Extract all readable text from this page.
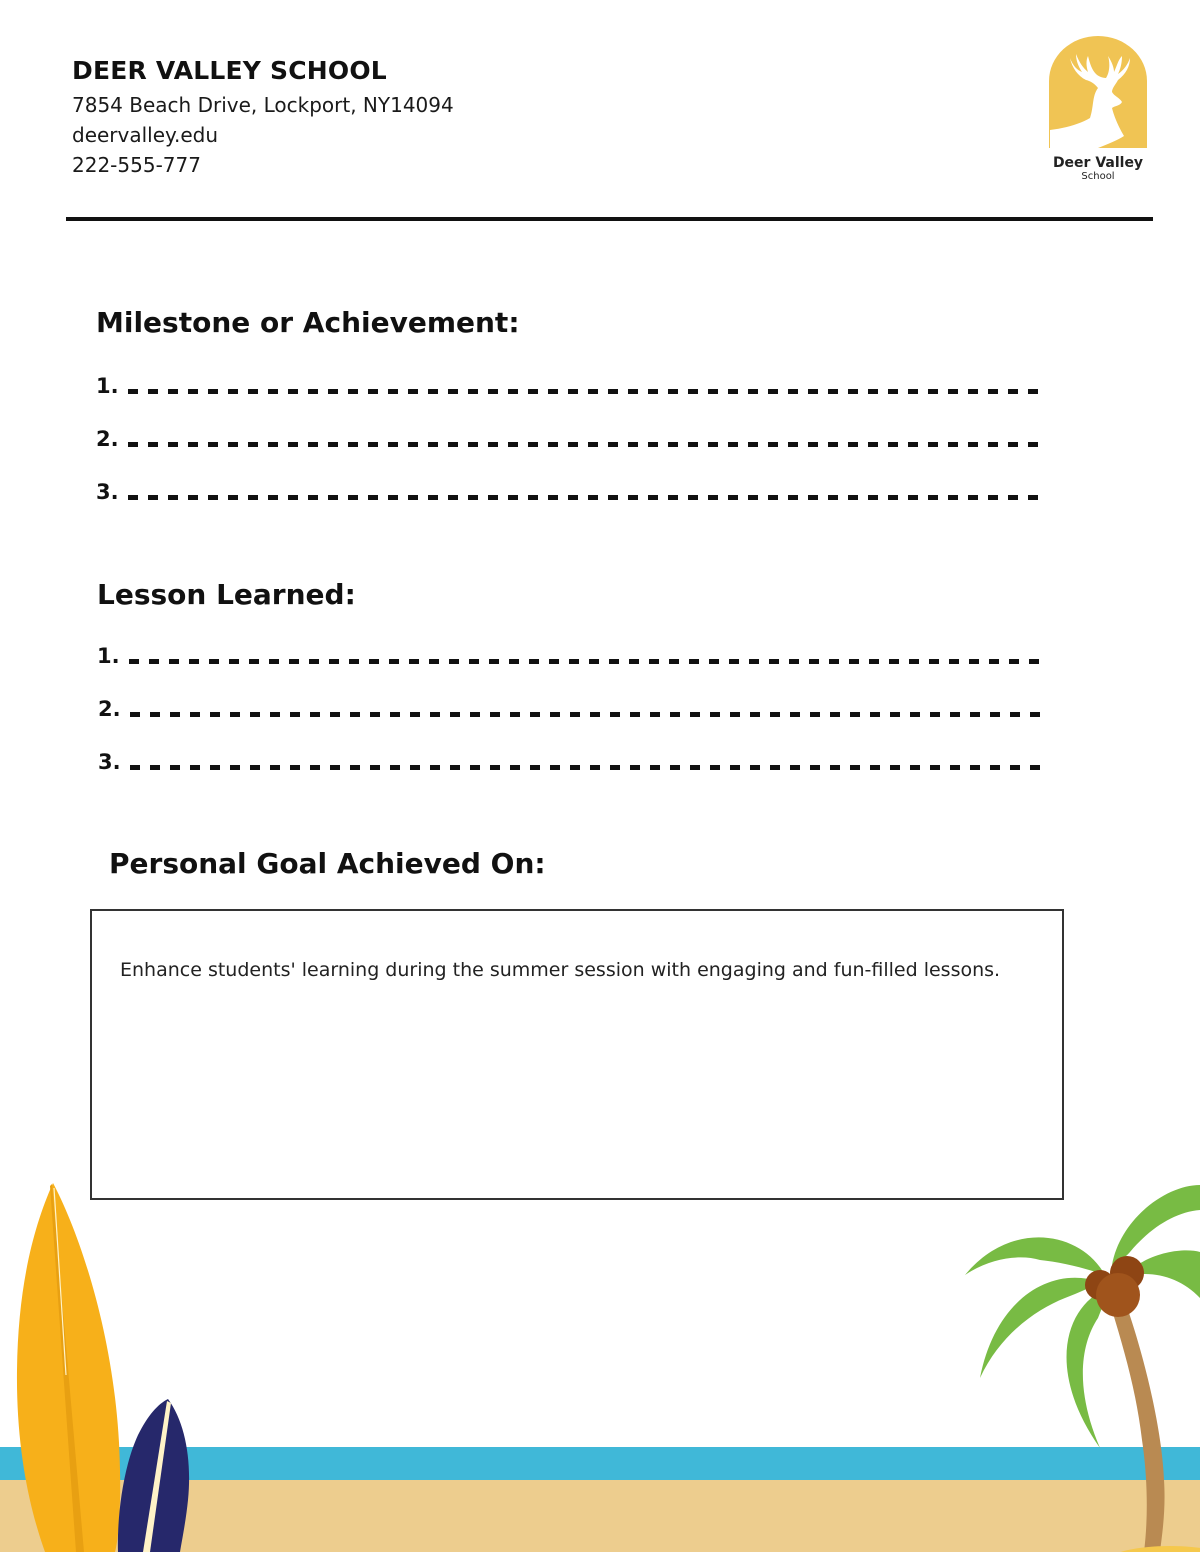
DEER VALLEY SCHOOL
7854 Beach Drive, Lockport, NY14094
deervalley.edu
222-555-777	Deer Valley
School
Milestone or Achievement:
1.
2.
3.
Lesson Learned:
1.
2.
3.
Personal Goal Achieved On:
Enhance students' learning during the summer session with engaging and fun-filled lessons.
